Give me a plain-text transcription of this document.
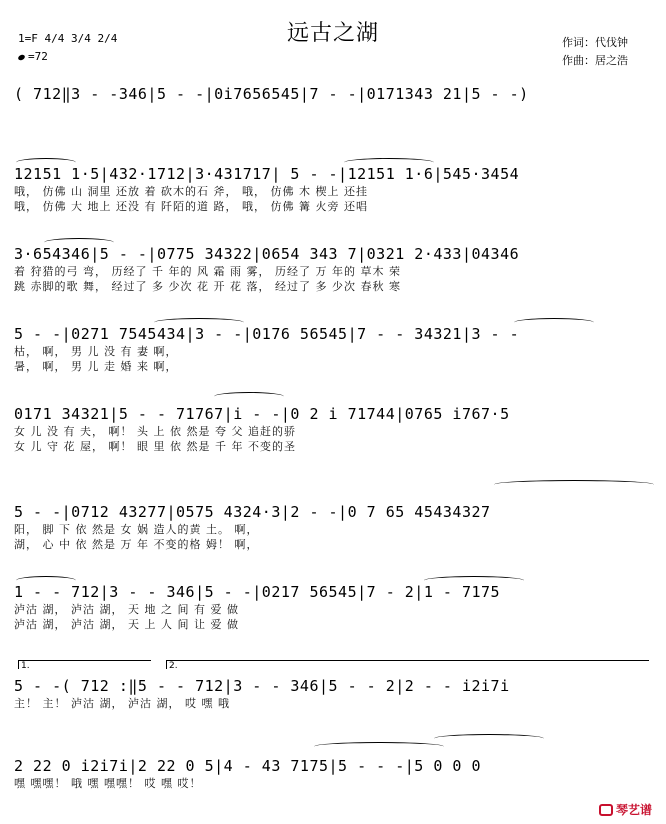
远古之湖
1=F 4/4 3/4 2/4
=72
作词：代伐钟
作曲：居之浩
( 712‖3 - -346|5 - -|0i7656545|7 - -|0171343 21|5 - -)
12151 1·5|432·1712|3·431717| 5 - -|12151 1·6|545·3454
哦， 仿佛 山 洞里 还放 着 砍木的石 斧， 哦， 仿佛 木 楔上 还挂
哦， 仿佛 大 地上 还没 有 阡陌的道 路， 哦， 仿佛 篝 火旁 还唱
3·654346|5 - -|0775 34322|0654 343 7|0321 2·433|04346
着 狩猎的弓 弯， 历经了 千 年的 风 霜 雨 雾， 历经了 万 年的 草木 荣
跳 赤脚的歌 舞， 经过了 多 少次 花 开 花 落， 经过了 多 少次 春秋 寒
5 - -|0271 7545434|3 - -|0176 56545|7 - - 34321|3 - -
枯， 啊， 男 儿 没 有 妻 啊，
暑， 啊， 男 儿 走 婚 来 啊，
0171 34321|5 - - 71767|i - -|0 2 i 71744|0765 i767·5
女 儿 没 有 夫， 啊！ 头 上 依 然是 夸 父 追赶的骄
女 儿 守 花 屋， 啊！ 眼 里 依 然是 千 年 不变的圣
5 - -|0712 43277|0575 4324·3|2 - -|0 7 65 45434327
阳， 脚 下 依 然是 女 娲 造人的黄 土。 啊，
湖， 心 中 依 然是 万 年 不变的格 姆！ 啊，
1 - - 712|3 - - 346|5 - -|0217 56545|7 - 2|1 - 7175
泸沽 湖， 泸沽 湖， 天 地 之 间 有 爱 做
泸沽 湖， 泸沽 湖， 天 上 人 间 让 爱 做
1.	2.
5 - -( 712 :‖5 - - 712|3 - - 346|5 - - 2|2 - - i2i7i
主！ 主！ 泸沽 湖， 泸沽 湖， 哎 嘿 哦
2 22 0 i2i7i|2 22 0 5|4 - 43 7175|5 - - -|5 0 0 0
嘿 嘿嘿！ 哦 嘿 嘿嘿！ 哎 嘿 哎！
琴艺谱
